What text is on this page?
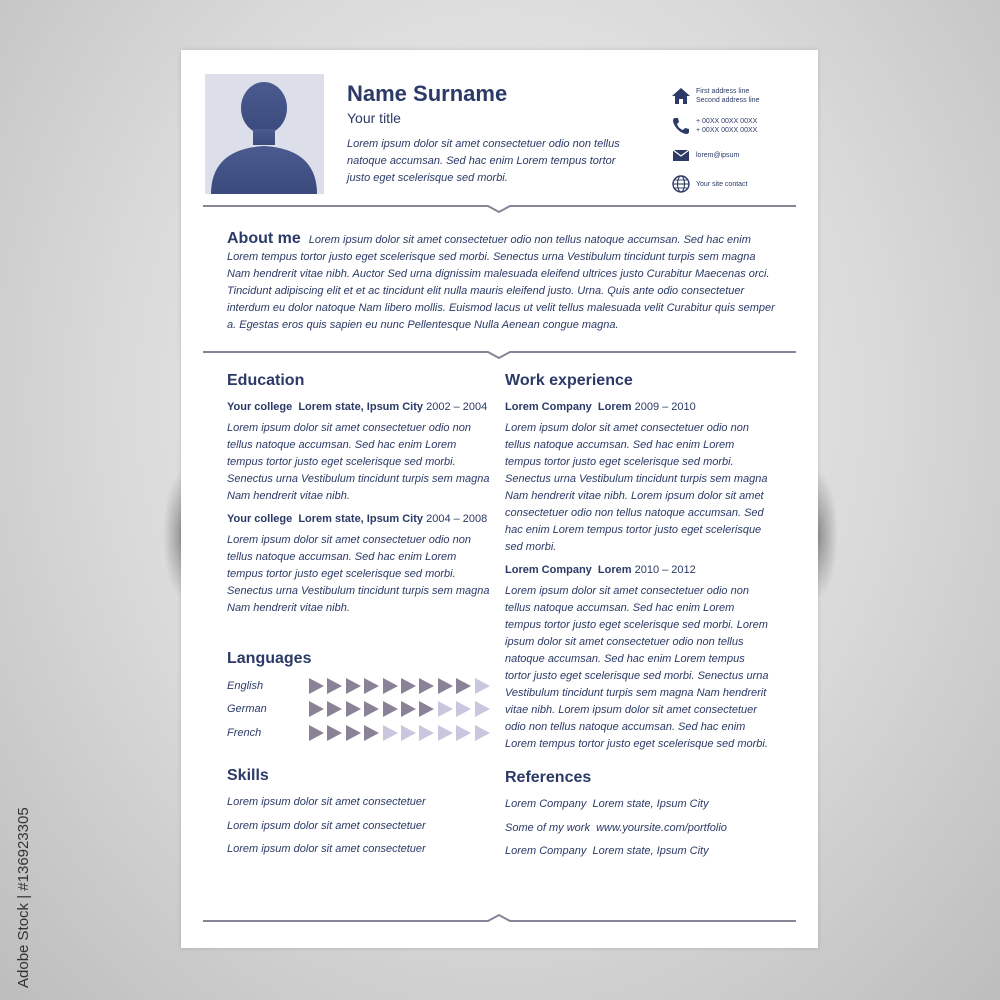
Name Surname
Your title
Lorem ipsum dolor sit amet consectetuer odio non tellus natoque accumsan. Sed hac enim Lorem tempus tortor justo eget scelerisque sed morbi.
First address line
Second address line
+ 00XX 00XX 00XX
+ 00XX 00XX 00XX
lorem@ipsum
Your site contact
About me Lorem ipsum dolor sit amet consectetuer odio non tellus natoque accumsan. Sed hac enim Lorem tempus tortor justo eget scelerisque sed morbi. Senectus urna Vestibulum tincidunt turpis sem magna Nam hendrerit vitae nibh. Auctor Sed urna dignissim malesuada eleifend ultrices justo Curabitur Maecenas orci. Tincidunt adipiscing elit et et ac tincidunt elit nulla mauris eleifend justo. Urna. Quis ante odio consectetuer interdum eu dolor natoque Nam libero mollis. Euismod lacus ut velit tellus malesuada velit Curabitur quis semper a. Egestas eros quis sapien eu nunc Pellentesque Nulla Aenean congue magna.
Education
Your college Lorem state, Ipsum City 2002 – 2004
Lorem ipsum dolor sit amet consectetuer odio non tellus natoque accumsan. Sed hac enim Lorem tempus tortor justo eget scelerisque sed morbi. Senectus urna Vestibulum tincidunt turpis sem magna Nam hendrerit vitae nibh.
Your college Lorem state, Ipsum City 2004 – 2008
Lorem ipsum dolor sit amet consectetuer odio non tellus natoque accumsan. Sed hac enim Lorem tempus tortor justo eget scelerisque sed morbi. Senectus urna Vestibulum tincidunt turpis sem magna Nam hendrerit vitae nibh.
Work experience
Lorem Company Lorem 2009 – 2010
Lorem ipsum dolor sit amet consectetuer odio non tellus natoque accumsan. Sed hac enim Lorem tempus tortor justo eget scelerisque sed morbi. Senectus urna Vestibulum tincidunt turpis sem magna Nam hendrerit vitae nibh. Lorem ipsum dolor sit amet consectetuer odio non tellus natoque accumsan. Sed hac enim Lorem tempus tortor justo eget scelerisque sed morbi.
Lorem Company Lorem 2010 – 2012
Lorem ipsum dolor sit amet consectetuer odio non tellus natoque accumsan. Sed hac enim Lorem tempus tortor justo eget scelerisque sed morbi. Lorem ipsum dolor sit amet consectetuer odio non tellus natoque accumsan. Sed hac enim Lorem tempus tortor justo eget scelerisque sed morbi. Senectus urna Vestibulum tincidunt turpis sem magna Nam hendrerit vitae nibh. Lorem ipsum dolor sit amet consectetuer odio non tellus natoque accumsan. Sed hac enim Lorem tempus tortor justo eget scelerisque sed morbi.
Languages
English
German
French
Skills
Lorem ipsum dolor sit amet consectetuer
Lorem ipsum dolor sit amet consectetuer
Lorem ipsum dolor sit amet consectetuer
References
Lorem Company Lorem state, Ipsum City
Some of my work www.yoursite.com/portfolio
Lorem Company Lorem state, Ipsum City
Adobe Stock | #136923305
